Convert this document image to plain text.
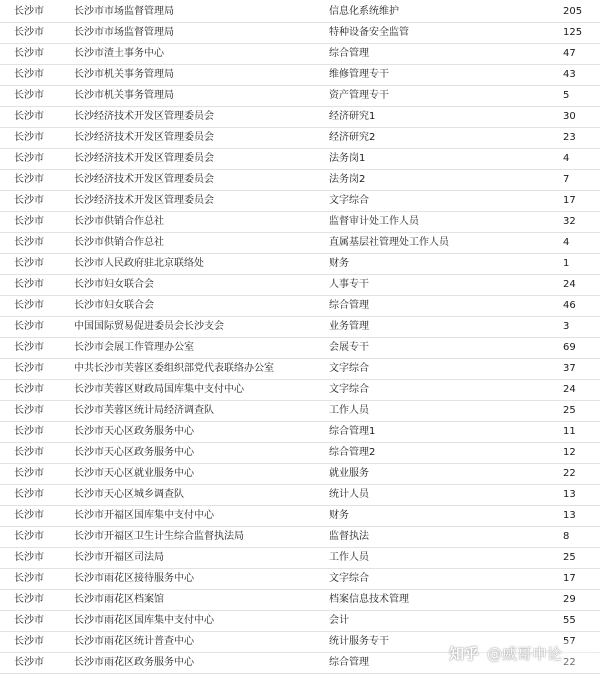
长沙市	长沙市市场监督管理局	信息化系统维护	205
长沙市	长沙市市场监督管理局	特种设备安全监管	125
长沙市	长沙市渣土事务中心	综合管理	47
长沙市	长沙市机关事务管理局	维修管理专干	43
长沙市	长沙市机关事务管理局	资产管理专干	5
长沙市	长沙经济技术开发区管理委员会	经济研究1	30
长沙市	长沙经济技术开发区管理委员会	经济研究2	23
长沙市	长沙经济技术开发区管理委员会	法务岗1	4
长沙市	长沙经济技术开发区管理委员会	法务岗2	7
长沙市	长沙经济技术开发区管理委员会	文字综合	17
长沙市	长沙市供销合作总社	监督审计处工作人员	32
长沙市	长沙市供销合作总社	直属基层社管理处工作人员	4
长沙市	长沙市人民政府驻北京联络处	财务	1
长沙市	长沙市妇女联合会	人事专干	24
长沙市	长沙市妇女联合会	综合管理	46
长沙市	中国国际贸易促进委员会长沙支会	业务管理	3
长沙市	长沙市会展工作管理办公室	会展专干	69
长沙市	中共长沙市芙蓉区委组织部党代表联络办公室	文字综合	37
长沙市	长沙市芙蓉区财政局国库集中支付中心	文字综合	24
长沙市	长沙市芙蓉区统计局经济调查队	工作人员	25
长沙市	长沙市天心区政务服务中心	综合管理1	11
长沙市	长沙市天心区政务服务中心	综合管理2	12
长沙市	长沙市天心区就业服务中心	就业服务	22
长沙市	长沙市天心区城乡调查队	统计人员	13
长沙市	长沙市开福区国库集中支付中心	财务	13
长沙市	长沙市开福区卫生计生综合监督执法局	监督执法	8
长沙市	长沙市开福区司法局	工作人员	25
长沙市	长沙市雨花区接待服务中心	文字综合	17
长沙市	长沙市雨花区档案馆	档案信息技术管理	29
长沙市	长沙市雨花区国库集中支付中心	会计	55
长沙市	长沙市雨花区统计普查中心	统计服务专干	57
长沙市	长沙市雨花区政务服务中心	综合管理	22
知乎 @威哥申论
